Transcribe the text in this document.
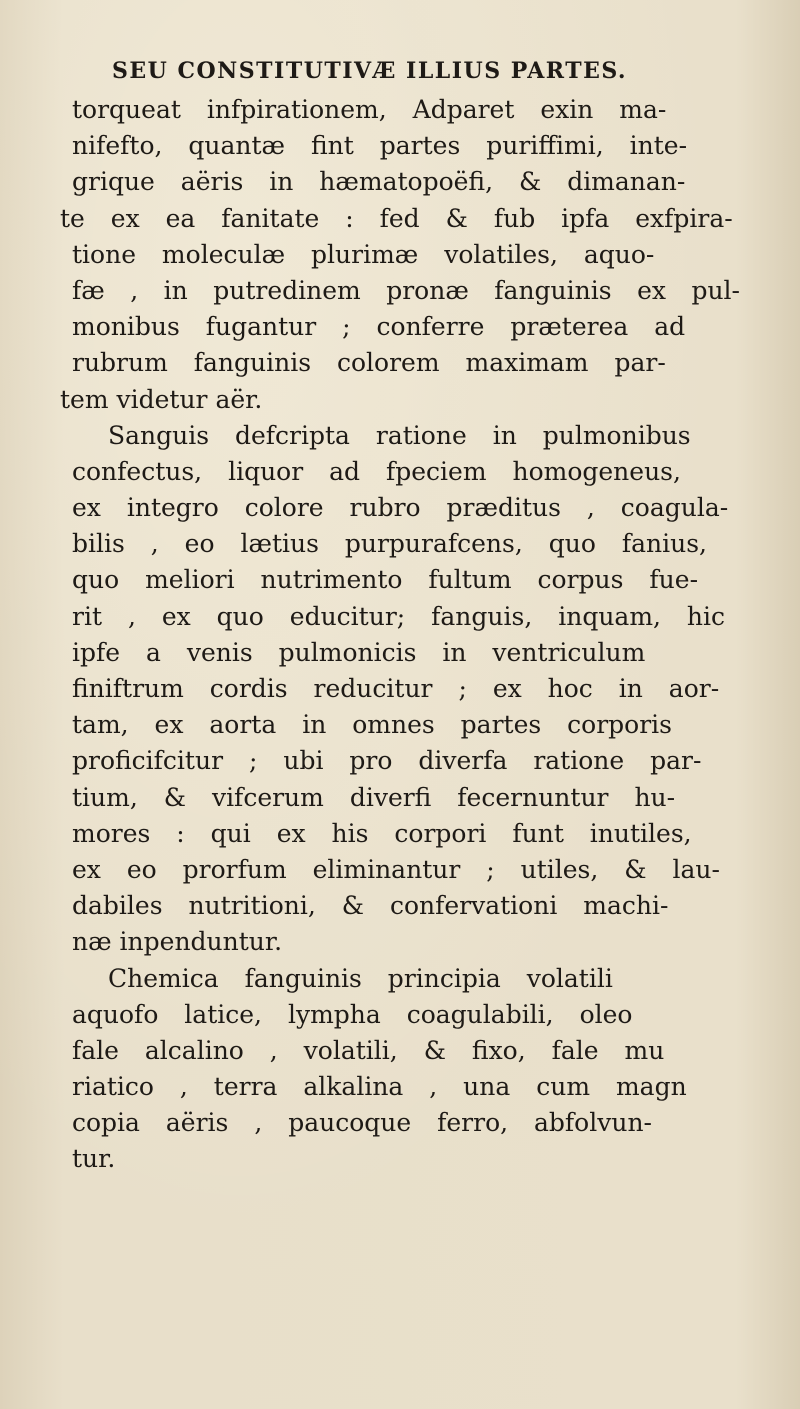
SEU CONSTITUTIVÆ ILLIUS PARTES.
torqueat infpirationem, Adparet exin ma-
nifefto, quantæ fint partes puriffimi, inte-
grique aëris in hæmatopoëfi, & dimanan-
te ex ea fanitate : fed & fub ipfa exfpira-
tione moleculæ plurimæ volatiles, aquo-
fæ , in putredinem pronæ fanguinis ex pul-
monibus fugantur ; conferre præterea ad
rubrum fanguinis colorem maximam par-
tem videtur aër.
Sanguis defcripta ratione in pulmonibus
confectus, liquor ad fpeciem homogeneus,
ex integro colore rubro præditus , coagula-
bilis , eo lætius purpurafcens, quo fanius,
quo meliori nutrimento fultum corpus fue-
rit , ex quo educitur; fanguis, inquam, hic
ipfe a venis pulmonicis in ventriculum
finiftrum cordis reducitur ; ex hoc in aor-
tam, ex aorta in omnes partes corporis
proficifcitur ; ubi pro diverfa ratione par-
tium, & vifcerum diverfi fecernuntur hu-
mores : qui ex his corpori funt inutiles,
ex eo prorfum eliminantur ; utiles, & lau-
dabiles nutritioni, & confervationi machi-
næ inpenduntur.
Chemica fanguinis principia volatili
aquofo latice, lympha coagulabili, oleo
fale alcalino , volatili, & fixo, fale mu
riatico , terra alkalina , una cum magn
copia aëris , paucoque ferro, abfolvun-
tur.
